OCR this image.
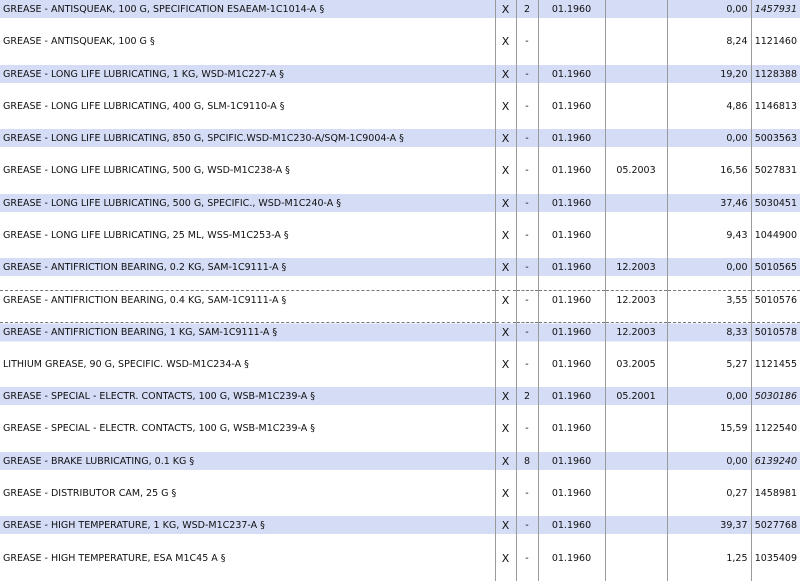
GREASE - ANTISQUEAK, 100 G, SPECIFICATION ESAEAM-1C1014-A §	X	2	01.1960		0,00	1457931

GREASE - ANTISQUEAK, 100 G §	X	-			8,24	1121460

GREASE - LONG LIFE LUBRICATING, 1 KG, WSD-M1C227-A §	X	-	01.1960		19,20	1128388

GREASE - LONG LIFE LUBRICATING, 400 G, SLM-1C9110-A §	X	-	01.1960		4,86	1146813

GREASE - LONG LIFE LUBRICATING, 850 G, SPCIFIC.WSD-M1C230-A/SQM-1C9004-A §	X	-	01.1960		0,00	5003563

GREASE - LONG LIFE LUBRICATING, 500 G, WSD-M1C238-A §	X	-	01.1960	05.2003	16,56	5027831

GREASE - LONG LIFE LUBRICATING, 500 G, SPECIFIC., WSD-M1C240-A §	X	-	01.1960		37,46	5030451

GREASE - LONG LIFE LUBRICATING, 25 ML, WSS-M1C253-A §	X	-	01.1960		9,43	1044900

GREASE - ANTIFRICTION BEARING, 0.2 KG, SAM-1C9111-A §	X	-	01.1960	12.2003	0,00	5010565

GREASE - ANTIFRICTION BEARING, 0.4 KG, SAM-1C9111-A §	X	-	01.1960	12.2003	3,55	5010576

GREASE - ANTIFRICTION BEARING, 1 KG, SAM-1C9111-A §	X	-	01.1960	12.2003	8,33	5010578

LITHIUM GREASE, 90 G, SPECIFIC. WSD-M1C234-A §	X	-	01.1960	03.2005	5,27	1121455

GREASE - SPECIAL - ELECTR. CONTACTS, 100 G, WSB-M1C239-A §	X	2	01.1960	05.2001	0,00	5030186

GREASE - SPECIAL - ELECTR. CONTACTS, 100 G, WSB-M1C239-A §	X	-	01.1960		15,59	1122540

GREASE - BRAKE LUBRICATING, 0.1 KG §	X	8	01.1960		0,00	6139240

GREASE - DISTRIBUTOR CAM, 25 G §	X	-	01.1960		0,27	1458981

GREASE - HIGH TEMPERATURE, 1 KG, WSD-M1C237-A §	X	-	01.1960		39,37	5027768

GREASE - HIGH TEMPERATURE, ESA M1C45 A §	X	-	01.1960		1,25	1035409
